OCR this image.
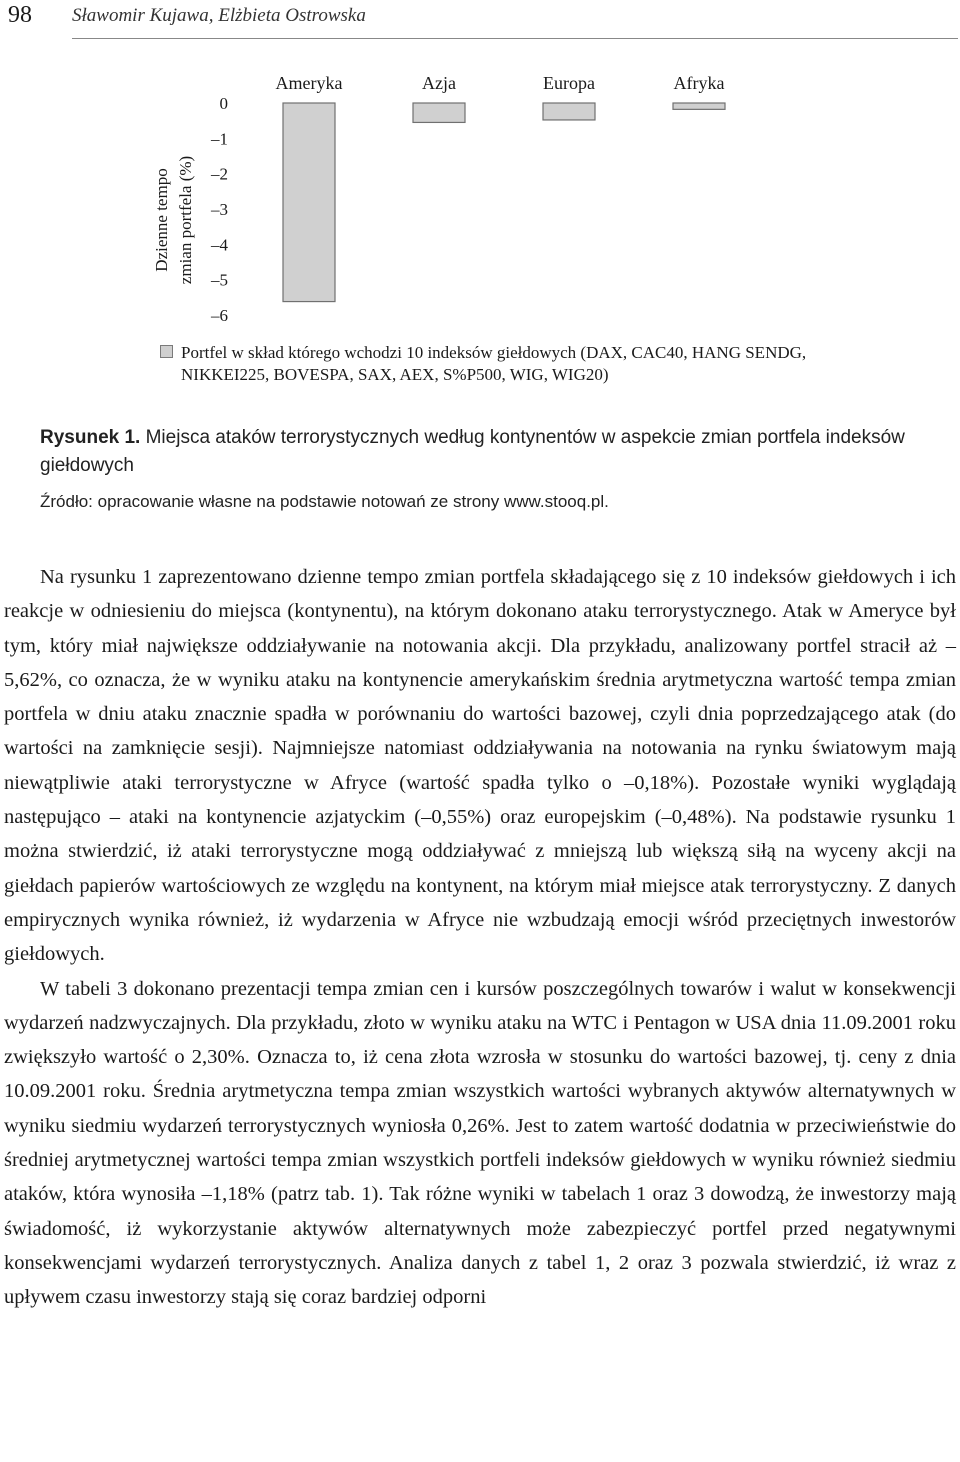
98 Sławomir Kujawa, Elżbieta Ostrowska
Dzienne tempo zmian portfela (%)
0
–1
–2
–3
–4
–5
–6
Ameryka	Azja	Europa	Afryka
Portfel w skład którego wchodzi 10 indeksów giełdowych (DAX, CAC40, HANG SENDG, NIKKEI225, BOVESPA, SAX, AEX, S%P500, WIG, WIG20)
Rysunek 1. Miejsca ataków terrorystycznych według kontynentów w aspekcie zmian portfela indeksów giełdowych
Źródło: opracowanie własne na podstawie notowań ze strony www.stooq.pl.

Na rysunku 1 zaprezentowano dzienne tempo zmian portfela składającego się z 10 indeksów giełdowych i ich reakcje w odniesieniu do miejsca (kontynentu), na którym dokonano ataku terrorystycznego. Atak w Ameryce był tym, który miał największe oddziaływanie na notowania akcji. Dla przykładu, analizowany portfel stracił aż –5,62%, co oznacza, że w wyniku ataku na kontynencie amerykańskim średnia arytmetyczna wartość tempa zmian portfela w dniu ataku znacznie spadła w porównaniu do wartości bazowej, czyli dnia poprzedzającego atak (do wartości na zamknięcie sesji). Najmniejsze natomiast oddziaływania na notowania na rynku światowym mają niewątpliwie ataki terrorystyczne w Afryce (wartość spadła tylko o –0,18%). Pozostałe wyniki wyglądają następująco – ataki na kontynencie azjatyckim (–0,55%) oraz europejskim (–0,48%). Na podstawie rysunku 1 można stwierdzić, iż ataki terrorystyczne mogą oddziaływać z mniejszą lub większą siłą na wyceny akcji na giełdach papierów wartościowych ze względu na kontynent, na którym miał miejsce atak terrorystyczny. Z danych empirycznych wynika również, iż wydarzenia w Afryce nie wzbudzają emocji wśród przeciętnych inwestorów giełdowych.

W tabeli 3 dokonano prezentacji tempa zmian cen i kursów poszczególnych towarów i walut w konsekwencji wydarzeń nadzwyczajnych. Dla przykładu, złoto w wyniku ataku na WTC i Pentagon w USA dnia 11.09.2001 roku zwiększyło wartość o 2,30%. Oznacza to, iż cena złota wzrosła w stosunku do wartości bazowej, tj. ceny z dnia 10.09.2001 roku. Średnia arytmetyczna tempa zmian wszystkich wartości wybranych aktywów alternatywnych w wyniku siedmiu wydarzeń terrorystycznych wyniosła 0,26%. Jest to zatem wartość dodatnia w przeciwieństwie do średniej arytmetycznej wartości tempa zmian wszystkich portfeli indeksów giełdowych w wyniku również siedmiu ataków, która wynosiła –1,18% (patrz tab. 1). Tak różne wyniki w tabelach 1 oraz 3 dowodzą, że inwestorzy mają świadomość, iż wykorzystanie aktywów alternatywnych może zabezpieczyć portfel przed negatywnymi konsekwencjami wydarzeń terrorystycznych. Analiza danych z tabel 1, 2 oraz 3 pozwala stwierdzić, iż wraz z upływem czasu inwestorzy stają się coraz bardziej odporni
